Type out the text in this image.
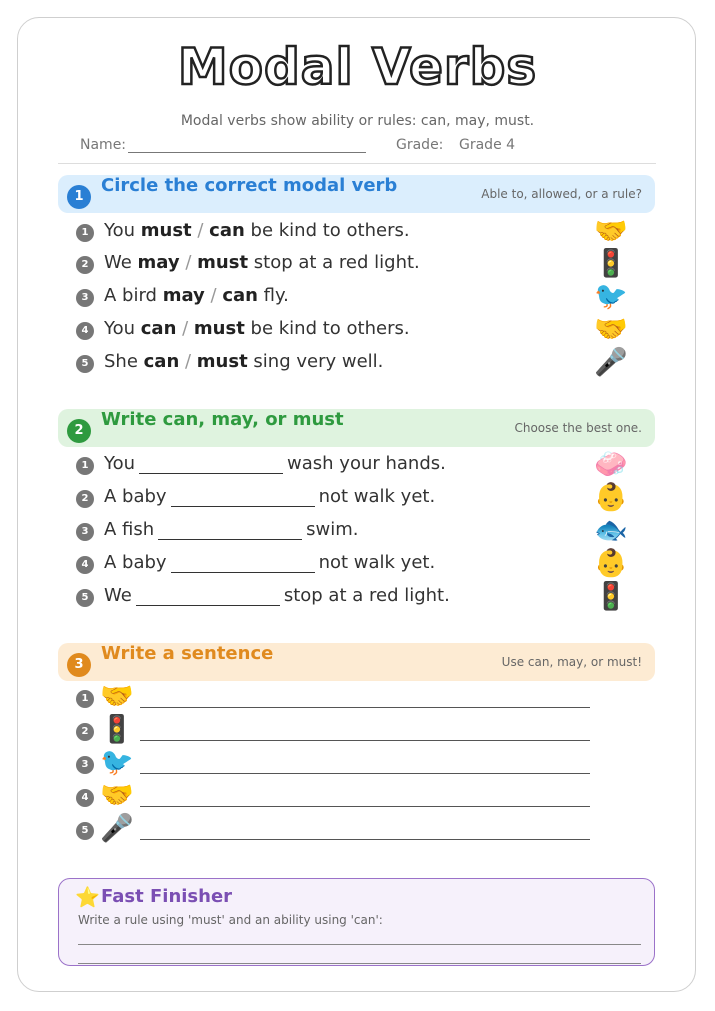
Modal Verbs
Modal verbs show ability or rules: can, may, must.
Name:	Grade: Grade 4
1
Circle the correct modal verb	Able to, allowed, or a rule?
1 You must / can be kind to others.	🤝
2 We may / must stop at a red light.	🚦
3 A bird may / can fly.	🐦
4 You can / must be kind to others.	🤝
5 She can / must sing very well.	🎤
2
Write can, may, or must	Choose the best one.
1 You	wash your hands.	🧼
2 A baby	not walk yet.	👶
3 A fish	swim.	🐟
4 A baby	not walk yet.	👶
5 We	stop at a red light.	🚦
3
Write a sentence	Use can, may, or must!
1 🤝
2 🚦
3 🐦
4 🤝
5 🎤
⭐ Fast Finisher
Write a rule using 'must' and an ability using 'can':
